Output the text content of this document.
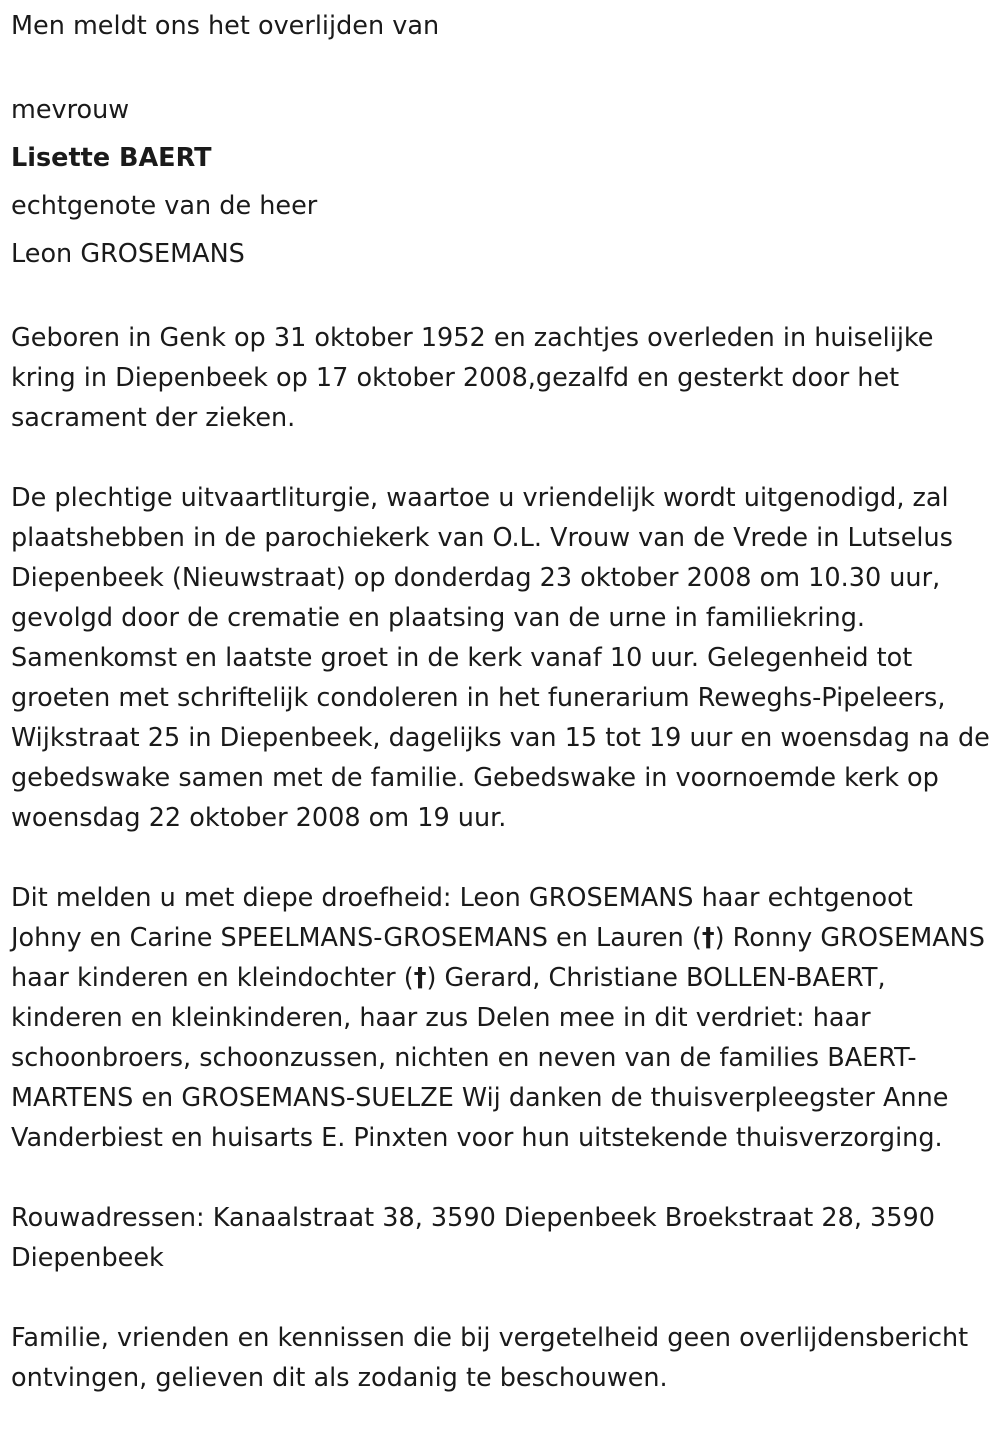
Men meldt ons het overlijden van

mevrouw

Lisette BAERT

echtgenote van de heer

Leon GROSEMANS

Geboren in Genk op 31 oktober 1952 en zachtjes overleden in huiselijke kring in Diepenbeek op 17 oktober 2008,gezalfd en gesterkt door het sacrament der zieken.

De plechtige uitvaartliturgie, waartoe u vriendelijk wordt uitgenodigd, zal plaatshebben in de parochiekerk van O.L. Vrouw van de Vrede in Lutselus Diepenbeek (Nieuwstraat) op donderdag 23 oktober 2008 om 10.30 uur, gevolgd door de crematie en plaatsing van de urne in familiekring. Samenkomst en laatste groet in de kerk vanaf 10 uur. Gelegenheid tot groeten met schriftelijk condoleren in het funerarium Reweghs-Pipeleers, Wijkstraat 25 in Diepenbeek, dagelijks van 15 tot 19 uur en woensdag na de gebedswake samen met de familie. Gebedswake in voornoemde kerk op woensdag 22 oktober 2008 om 19 uur.

Dit melden u met diepe droefheid: Leon GROSEMANS haar echtgenoot Johny en Carine SPEELMANS-GROSEMANS en Lauren (†) Ronny GROSEMANS haar kinderen en kleindochter (†) Gerard, Christiane BOLLEN-BAERT, kinderen en kleinkinderen, haar zus Delen mee in dit verdriet: haar schoonbroers, schoonzussen, nichten en neven van de families BAERT-MARTENS en GROSEMANS-SUELZE Wij danken de thuisverpleegster Anne Vanderbiest en huisarts E. Pinxten voor hun uitstekende thuisverzorging.

Rouwadressen: Kanaalstraat 38, 3590 Diepenbeek Broekstraat 28, 3590 Diepenbeek

Familie, vrienden en kennissen die bij vergetelheid geen overlijdensbericht ontvingen, gelieven dit als zodanig te beschouwen.
